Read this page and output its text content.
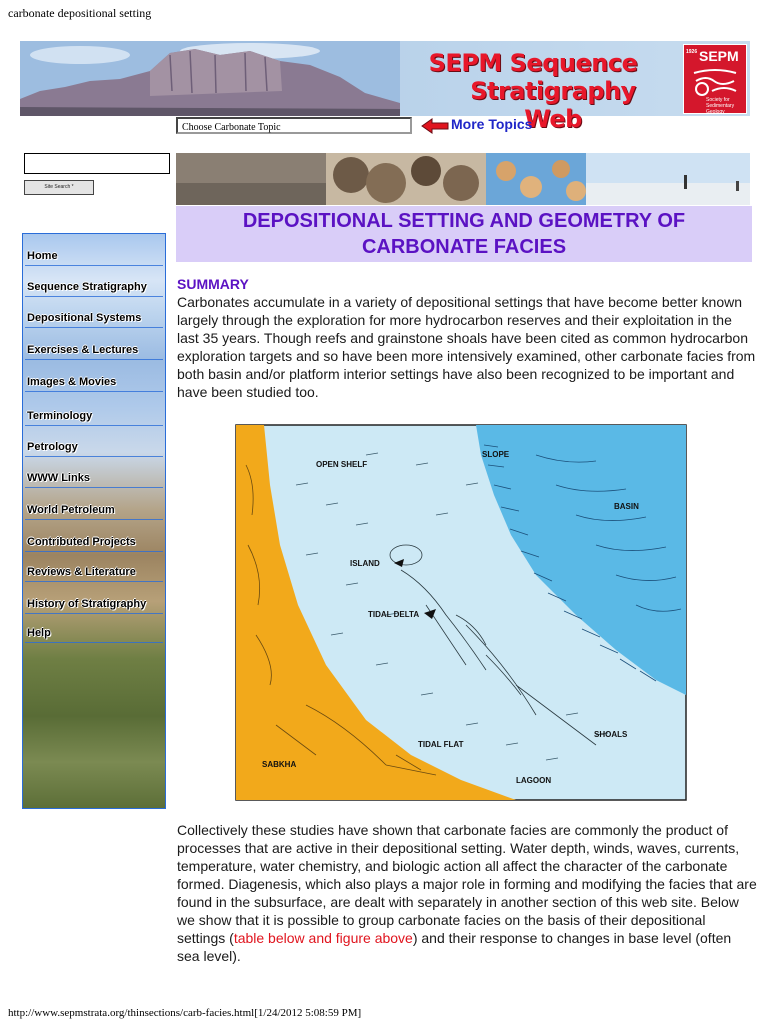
carbonate depositional setting
SEPM Sequence
Stratigraphy Web
1926 SEPM
Society for Sedimentary Geology
Choose Carbonate Topic	More Topics
Site Search *
DEPOSITIONAL SETTING AND GEOMETRY OF
CARBONATE FACIES
Home
Sequence Stratigraphy
Depositional Systems
Exercises & Lectures
Images & Movies
Terminology
Petrology
WWW Links
World Petroleum
Contributed Projects
Reviews & Literature
History of Stratigraphy
Help
SUMMARY
Carbonates accumulate in a variety of depositional settings that have become better known largely through the exploration for more hydrocarbon reserves and their exploitation in the last 35 years. Though reefs and grainstone shoals have been cited as common hydrocarbon exploration targets and so have been more intensively examined, other carbonate facies from both basin and/or platform interior settings have also been recognized to be important and have been studied too.
OPEN SHELF
SLOPE
BASIN
ISLAND
TIDAL DELTA
SABKHA
TIDAL FLAT
SHOALS
LAGOON
Collectively these studies have shown that carbonate facies are commonly the product of processes that are active in their depositional setting. Water depth, winds, waves, currents, temperature, water chemistry, and biologic action all affect the character of the carbonate formed. Diagenesis, which also plays a major role in forming and modifying the facies that are found in the subsurface, are dealt with separately in another section of this web site. Below we show that it is possible to group carbonate facies on the basis of their depositional settings (table below and figure above) and their response to changes in base level (often sea level).
http://www.sepmstrata.org/thinsections/carb-facies.html[1/24/2012 5:08:59 PM]
